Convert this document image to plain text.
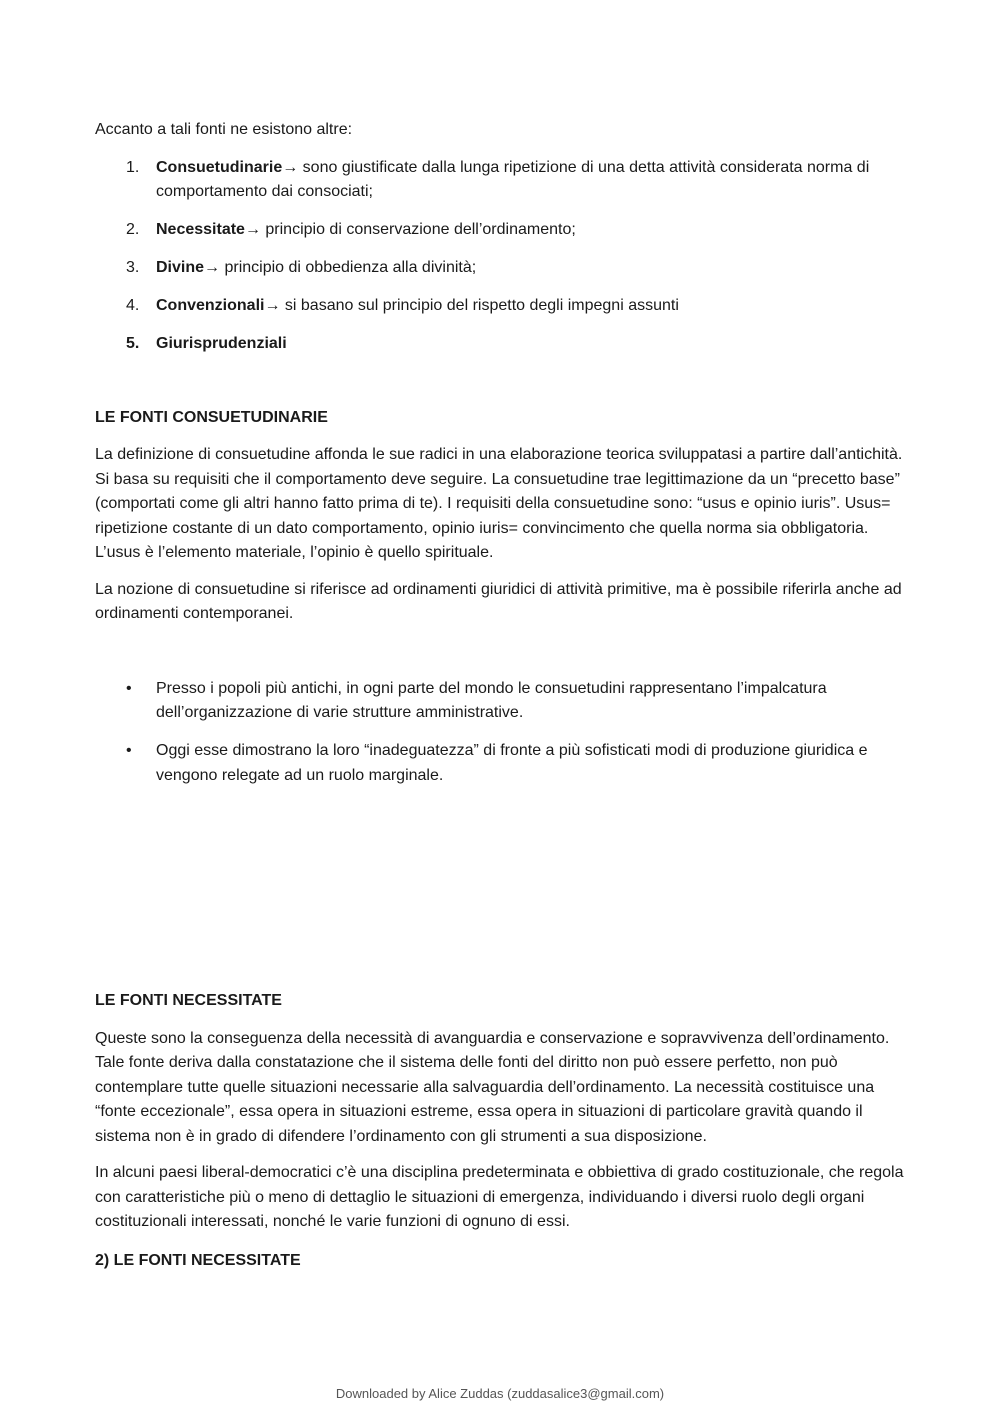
Accanto a tali fonti ne esistono altre:

1. Consuetudinarie→ sono giustificate dalla lunga ripetizione di una detta attività considerata norma di comportamento dai consociati;
2. Necessitate→ principio di conservazione dell’ordinamento;
3. Divine→ principio di obbedienza alla divinità;
4. Convenzionali→ si basano sul principio del rispetto degli impegni assunti
5. Giurisprudenziali
LE FONTI CONSUETUDINARIE

La definizione di consuetudine affonda le sue radici in una elaborazione teorica sviluppatasi a partire dall’antichità. Si basa su requisiti che il comportamento deve seguire. La consuetudine trae legittimazione da un “precetto base” (comportati come gli altri hanno fatto prima di te). I requisiti della consuetudine sono: “usus e opinio iuris”. Usus= ripetizione costante di un dato comportamento, opinio iuris= convincimento che quella norma sia obbligatoria. L’usus è l’elemento materiale, l’opinio è quello spirituale.

La nozione di consuetudine si riferisce ad ordinamenti giuridici di attività primitive, ma è possibile riferirla anche ad ordinamenti contemporanei.

• Presso i popoli più antichi, in ogni parte del mondo le consuetudini rappresentano l’impalcatura dell’organizzazione di varie strutture amministrative.
• Oggi esse dimostrano la loro “inadeguatezza” di fronte a più sofisticati modi di produzione giuridica e vengono relegate ad un ruolo marginale.
LE FONTI NECESSITATE

Queste sono la conseguenza della necessità di avanguardia e conservazione e sopravvivenza dell’ordinamento. Tale fonte deriva dalla constatazione che il sistema delle fonti del diritto non può essere perfetto, non può contemplare tutte quelle situazioni necessarie alla salvaguardia dell’ordinamento. La necessità costituisce una “fonte eccezionale”, essa opera in situazioni estreme, essa opera in situazioni di particolare gravità quando il sistema non è in grado di difendere l’ordinamento con gli strumenti a sua disposizione.

In alcuni paesi liberal-democratici c’è una disciplina predeterminata e obbiettiva di grado costituzionale, che regola con caratteristiche più o meno di dettaglio le situazioni di emergenza, individuando i diversi ruolo degli organi costituzionali interessati, nonché le varie funzioni di ognuno di essi.

2) LE FONTI NECESSITATE
Downloaded by Alice Zuddas (zuddasalice3@gmail.com)
